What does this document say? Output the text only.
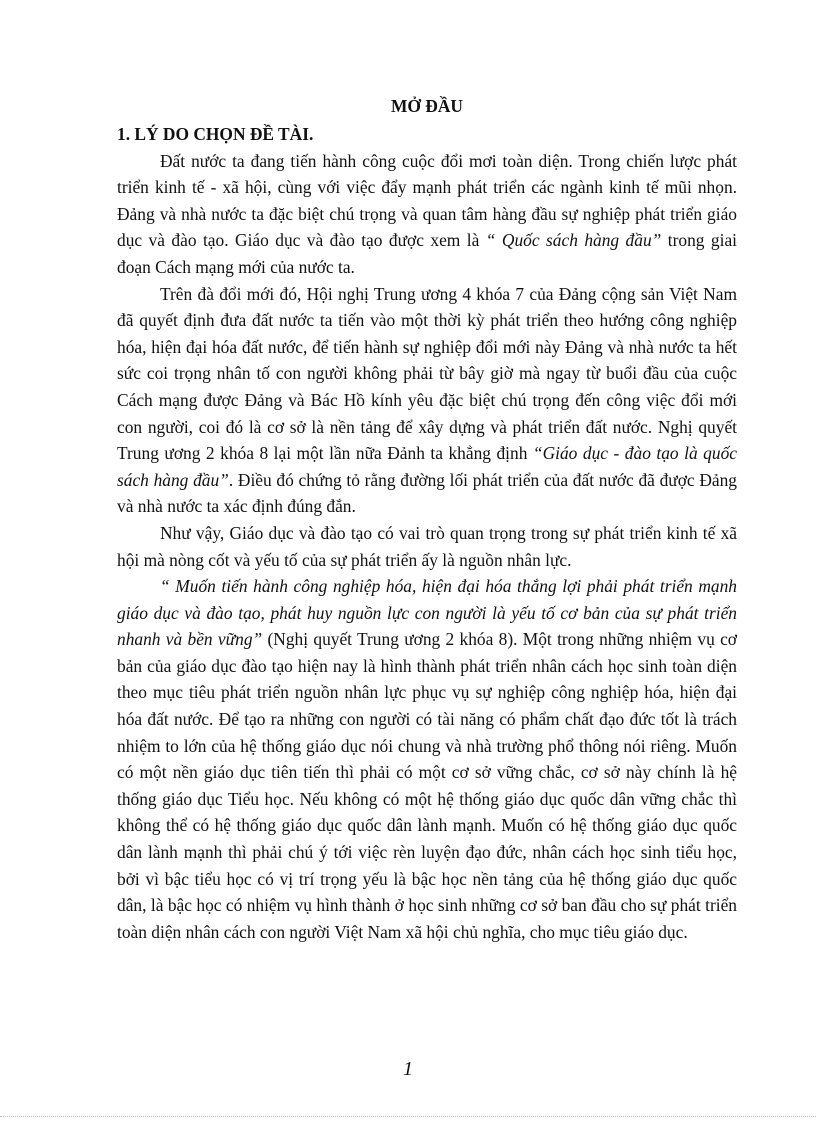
MỞ ĐẦU

1. LÝ DO CHỌN ĐỀ TÀI.

Đất nước ta đang tiến hành công cuộc đổi mơi toàn diện. Trong chiến lược phát triển kinh tế - xã hội, cùng với việc đẩy mạnh phát triển các ngành kinh tế mũi nhọn. Đảng và nhà nước ta đặc biệt chú trọng và quan tâm hàng đầu sự nghiệp phát triển giáo dục và đào tạo. Giáo dục và đào tạo được xem là “ Quốc sách hàng đầu” trong giai đoạn Cách mạng mới của nước ta.

Trên đà đổi mới đó, Hội nghị Trung ương 4 khóa 7 của Đảng cộng sản Việt Nam đã quyết định đưa đất nước ta tiến vào một thời kỳ phát triển theo hướng công nghiệp hóa, hiện đại hóa đất nước, để tiến hành sự nghiệp đổi mới này Đảng và nhà nước ta hết sức coi trọng nhân tố con người không phải từ bây giờ mà ngay từ buổi đầu của cuộc Cách mạng được Đảng và Bác Hồ kính yêu đặc biệt chú trọng đến công việc đổi mới con người, coi đó là cơ sở là nền tảng để xây dựng và phát triển đất nước. Nghị quyết Trung ương 2 khóa 8 lại một lần nữa Đảnh ta khẳng định “Giáo dục - đào tạo là quốc sách hàng đầu”. Điều đó chứng tỏ rằng đường lối phát triển của đất nước đã được Đảng và nhà nước ta xác định đúng đắn.

Như vậy, Giáo dục và đào tạo có vai trò quan trọng trong sự phát triển kinh tế xã hội mà nòng cốt và yếu tố của sự phát triển ấy là nguồn nhân lực.

“ Muốn tiến hành công nghiệp hóa, hiện đại hóa thắng lợi phải phát triển mạnh giáo dục và đào tạo, phát huy nguồn lực con người là yếu tố cơ bản của sự phát triển nhanh và bền vững” (Nghị quyết Trung ương 2 khóa 8). Một trong những nhiệm vụ cơ bản của giáo dục đào tạo hiện nay là hình thành phát triển nhân cách học sinh toàn diện theo mục tiêu phát triển nguồn nhân lực phục vụ sự nghiệp công nghiệp hóa, hiện đại hóa đất nước. Để tạo ra những con người có tài năng có phẩm chất đạo đức tốt là trách nhiệm to lớn của hệ thống giáo dục nói chung và nhà trường phổ thông nói riêng. Muốn có một nền giáo dục tiên tiến thì phải có một cơ sở vững chắc, cơ sở này chính là hệ thống giáo dục Tiểu học. Nếu không có một hệ thống giáo dục quốc dân vững chắc thì không thể có hệ thống giáo dục quốc dân lành mạnh. Muốn có hệ thống giáo dục quốc dân lành mạnh thì phải chú ý tới việc rèn luyện đạo đức, nhân cách học sinh tiểu học, bởi vì bậc tiểu học có vị trí trọng yếu là bậc học nền tảng của hệ thống giáo dục quốc dân, là bậc học có nhiệm vụ hình thành ở học sinh những cơ sở ban đầu cho sự phát triển toàn diện nhân cách con người Việt Nam xã hội chủ nghĩa, cho mục tiêu giáo dục.

1
